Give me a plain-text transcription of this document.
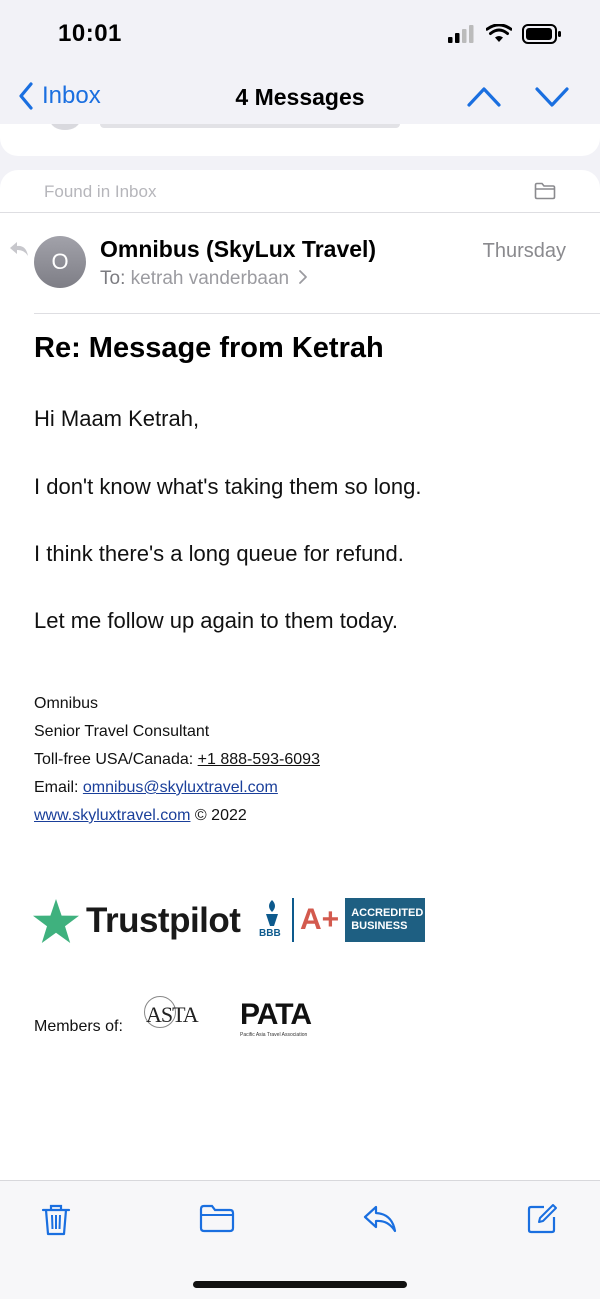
10:01
Inbox	4 Messages
Found in Inbox
O	Omnibus (SkyLux Travel)	Thursday
To: ketrah vanderbaan
Re: Message from Ketrah
Hi Maam Ketrah,
I don't know what's taking them so long.
I think there's a long queue for refund.
Let me follow up again to them today.
Omnibus
Senior Travel Consultant
Toll-free USA/Canada: +1 888-593-6093
Email: omnibus@skyluxtravel.com
www.skyluxtravel.com © 2022
Trustpilot BBB A+	ACCREDITED
BUSINESS
Members of: ASTA PATA
Pacific Asia Travel Association
